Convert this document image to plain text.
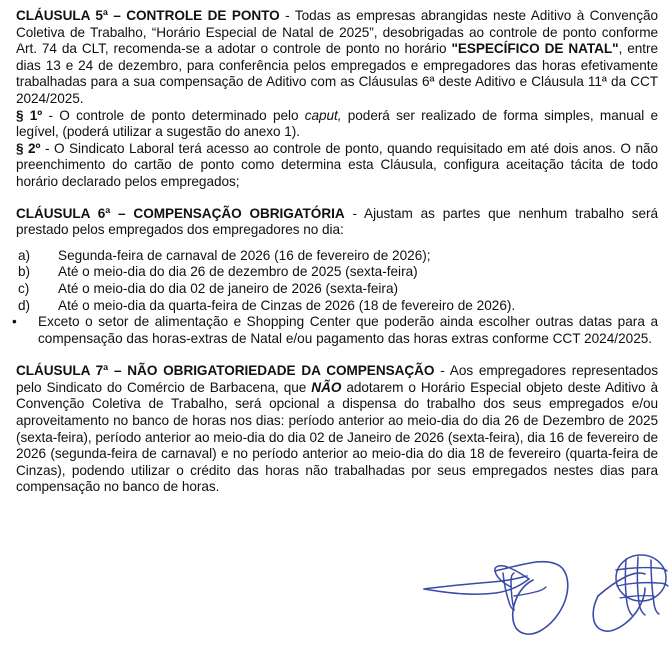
CLÁUSULA 5ª – CONTROLE DE PONTO - Todas as empresas abrangidas neste Aditivo à Convenção Coletiva de Trabalho, “Horário Especial de Natal de 2025”, desobrigadas ao controle de ponto conforme Art. 74 da CLT, recomenda-se a adotar o controle de ponto no horário "ESPECÍFICO DE NATAL", entre dias 13 e 24 de dezembro, para conferência pelos empregados e empregadores das horas efetivamente trabalhadas para a sua compensação de Aditivo com as Cláusulas 6ª deste Aditivo e Cláusula 11ª da CCT 2024/2025.

§ 1º - O controle de ponto determinado pelo caput, poderá ser realizado de forma simples, manual e legível, (poderá utilizar a sugestão do anexo 1).

§ 2º - O Sindicato Laboral terá acesso ao controle de ponto, quando requisitado em até dois anos. O não preenchimento do cartão de ponto como determina esta Cláusula, configura aceitação tácita de todo horário declarado pelos empregados;

CLÁUSULA 6ª – COMPENSAÇÃO OBRIGATÓRIA - Ajustam as partes que nenhum trabalho será prestado pelos empregados dos empregadores no dia:

a) Segunda-feira de carnaval de 2026 (16 de fevereiro de 2026);
b) Até o meio-dia do dia 26 de dezembro de 2025 (sexta-feira)
c) Até o meio-dia do dia 02 de janeiro de 2026 (sexta-feira)
d) Até o meio-dia da quarta-feira de Cinzas de 2026 (18 de fevereiro de 2026).

• Exceto o setor de alimentação e Shopping Center que poderão ainda escolher outras datas para a compensação das horas-extras de Natal e/ou pagamento das horas extras conforme CCT 2024/2025.

CLÁUSULA 7ª – NÃO OBRIGATORIEDADE DA COMPENSAÇÃO - Aos empregadores representados pelo Sindicato do Comércio de Barbacena, que NÃO adotarem o Horário Especial objeto deste Aditivo à Convenção Coletiva de Trabalho, será opcional a dispensa do trabalho dos seus empregados e/ou aproveitamento no banco de horas nos dias: período anterior ao meio-dia do dia 26 de Dezembro de 2025 (sexta-feira), período anterior ao meio-dia do dia 02 de Janeiro de 2026 (sexta-feira), dia 16 de fevereiro de 2026 (segunda-feira de carnaval) e no período anterior ao meio-dia do dia 18 de fevereiro (quarta-feira de Cinzas), podendo utilizar o crédito das horas não trabalhadas por seus empregados nestes dias para compensação no banco de horas.
